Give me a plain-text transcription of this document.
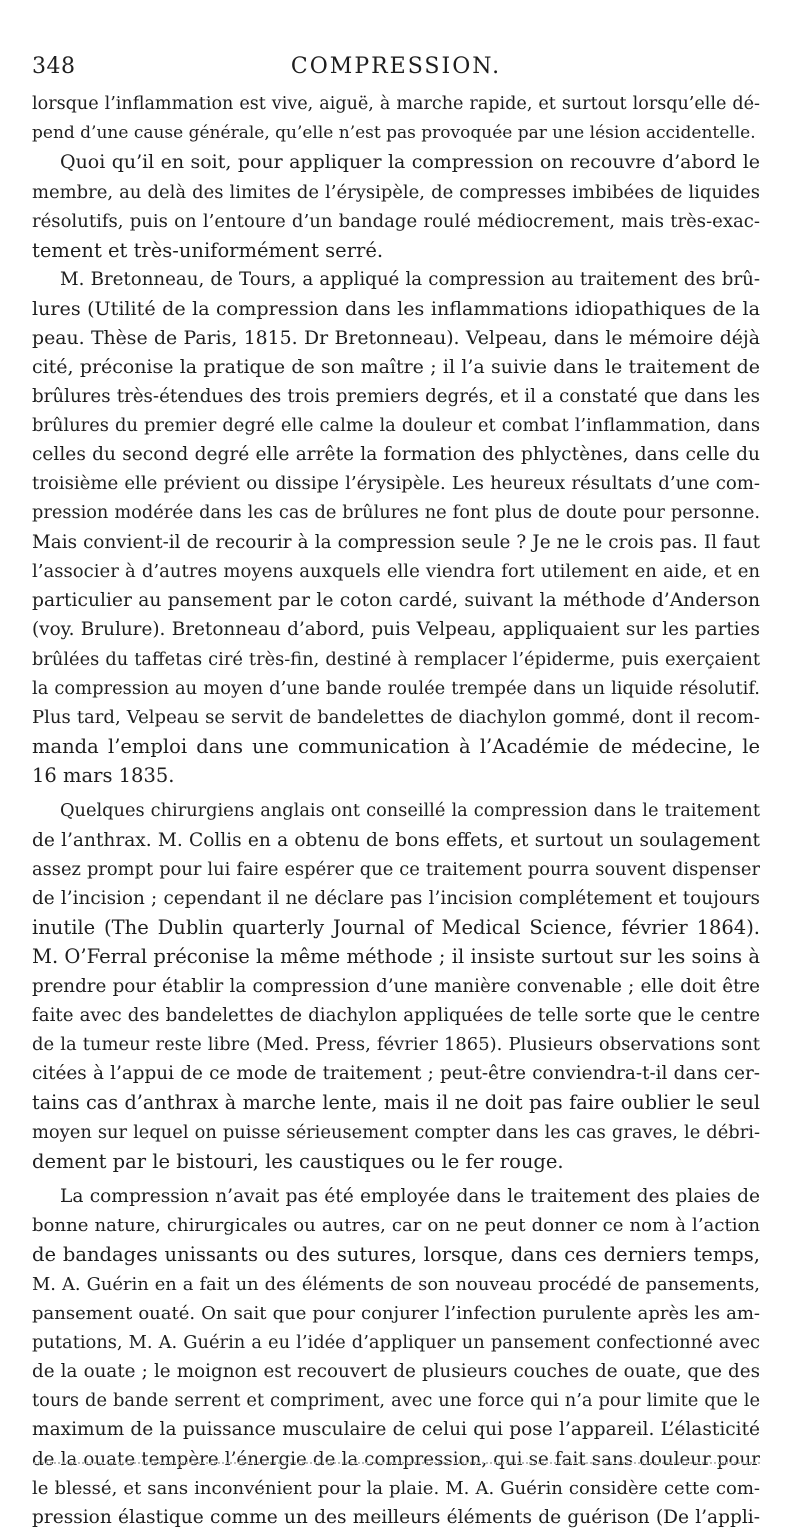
348	COMPRESSION.
lorsque l’inflammation est vive, aiguë, à marche rapide, et surtout lorsqu’elle dé-
pend d’une cause générale, qu’elle n’est pas provoquée par une lésion accidentelle.
Quoi qu’il en soit, pour appliquer la compression on recouvre d’abord le
membre, au delà des limites de l’érysipèle, de compresses imbibées de liquides
résolutifs, puis on l’entoure d’un bandage roulé médiocrement, mais très-exac-
tement et très-uniformément serré.
M. Bretonneau, de Tours, a appliqué la compression au traitement des brû-
lures (Utilité de la compression dans les inflammations idiopathiques de la
peau. Thèse de Paris, 1815. Dr Bretonneau). Velpeau, dans le mémoire déjà
cité, préconise la pratique de son maître ; il l’a suivie dans le traitement de
brûlures très-étendues des trois premiers degrés, et il a constaté que dans les
brûlures du premier degré elle calme la douleur et combat l’inflammation, dans
celles du second degré elle arrête la formation des phlyctènes, dans celle du
troisième elle prévient ou dissipe l’érysipèle. Les heureux résultats d’une com-
pression modérée dans les cas de brûlures ne font plus de doute pour personne.
Mais convient-il de recourir à la compression seule ? Je ne le crois pas. Il faut
l’associer à d’autres moyens auxquels elle viendra fort utilement en aide, et en
particulier au pansement par le coton cardé, suivant la méthode d’Anderson
(voy. Brulure). Bretonneau d’abord, puis Velpeau, appliquaient sur les parties
brûlées du taffetas ciré très-fin, destiné à remplacer l’épiderme, puis exerçaient
la compression au moyen d’une bande roulée trempée dans un liquide résolutif.
Plus tard, Velpeau se servit de bandelettes de diachylon gommé, dont il recom-
manda l’emploi dans une communication à l’Académie de médecine, le
16 mars 1835.
Quelques chirurgiens anglais ont conseillé la compression dans le traitement
de l’anthrax. M. Collis en a obtenu de bons effets, et surtout un soulagement
assez prompt pour lui faire espérer que ce traitement pourra souvent dispenser
de l’incision ; cependant il ne déclare pas l’incision complétement et toujours
inutile (The Dublin quarterly Journal of Medical Science, février 1864).
M. O’Ferral préconise la même méthode ; il insiste surtout sur les soins à
prendre pour établir la compression d’une manière convenable ; elle doit être
faite avec des bandelettes de diachylon appliquées de telle sorte que le centre
de la tumeur reste libre (Med. Press, février 1865). Plusieurs observations sont
citées à l’appui de ce mode de traitement ; peut-être conviendra-t-il dans cer-
tains cas d’anthrax à marche lente, mais il ne doit pas faire oublier le seul
moyen sur lequel on puisse sérieusement compter dans les cas graves, le débri-
dement par le bistouri, les caustiques ou le fer rouge.
La compression n’avait pas été employée dans le traitement des plaies de
bonne nature, chirurgicales ou autres, car on ne peut donner ce nom à l’action
de bandages unissants ou des sutures, lorsque, dans ces derniers temps,
M. A. Guérin en a fait un des éléments de son nouveau procédé de pansements,
pansement ouaté. On sait que pour conjurer l’infection purulente après les am-
putations, M. A. Guérin a eu l’idée d’appliquer un pansement confectionné avec
de la ouate ; le moignon est recouvert de plusieurs couches de ouate, que des
tours de bande serrent et compriment, avec une force qui n’a pour limite que le
maximum de la puissance musculaire de celui qui pose l’appareil. L’élasticité
de la ouate tempère l’énergie de la compression, qui se fait sans douleur pour
le blessé, et sans inconvénient pour la plaie. M. A. Guérin considère cette com-
pression élastique comme un des meilleurs éléments de guérison (De l’appli-
